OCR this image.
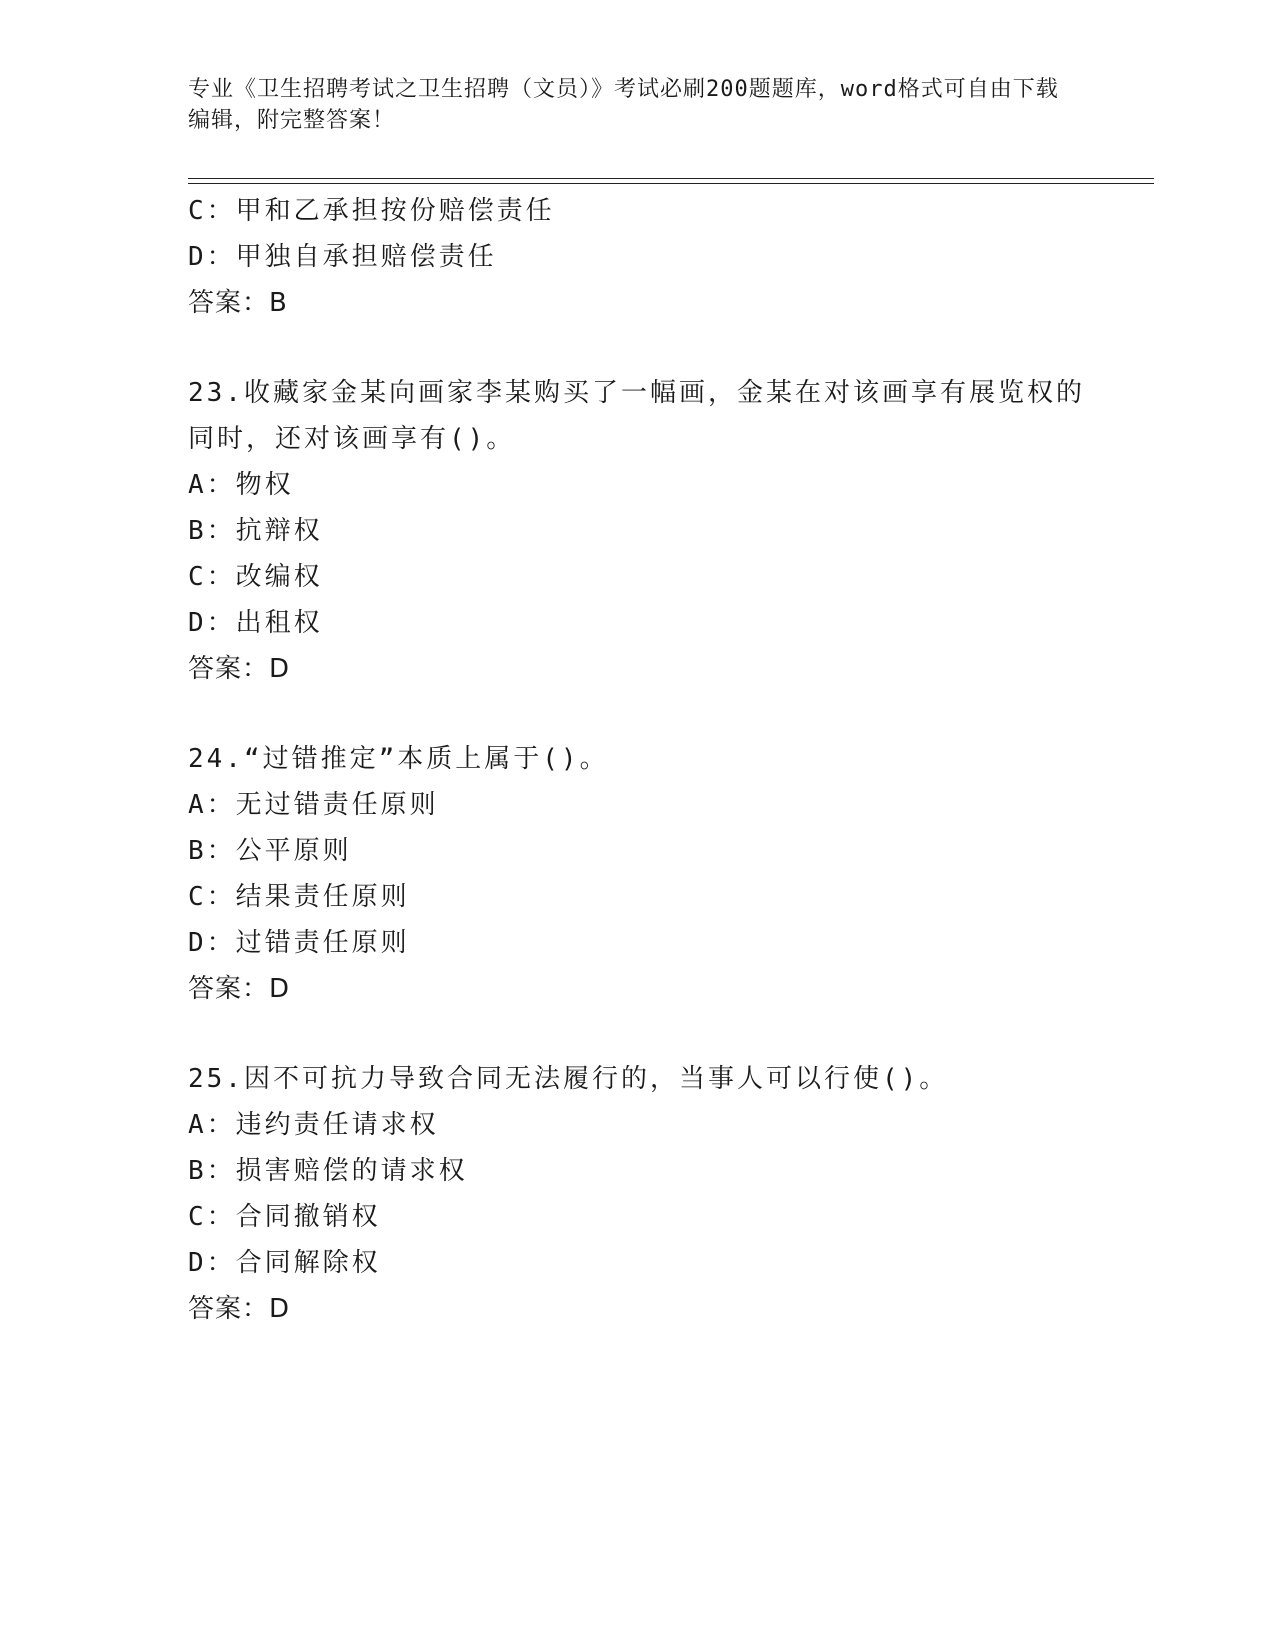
专业《卫生招聘考试之卫生招聘（文员）》考试必刷200题题库，word格式可自由下载编辑，附完整答案！
C：甲和乙承担按份赔偿责任
D：甲独自承担赔偿责任
答案：B
23.收藏家金某向画家李某购买了一幅画，金某在对该画享有展览权的
同时，还对该画享有()。
A：物权
B：抗辩权
C：改编权
D：出租权
答案：D
24.“过错推定”本质上属于()。
A：无过错责任原则
B：公平原则
C：结果责任原则
D：过错责任原则
答案：D
25.因不可抗力导致合同无法履行的，当事人可以行使()。
A：违约责任请求权
B：损害赔偿的请求权
C：合同撤销权
D：合同解除权
答案：D
